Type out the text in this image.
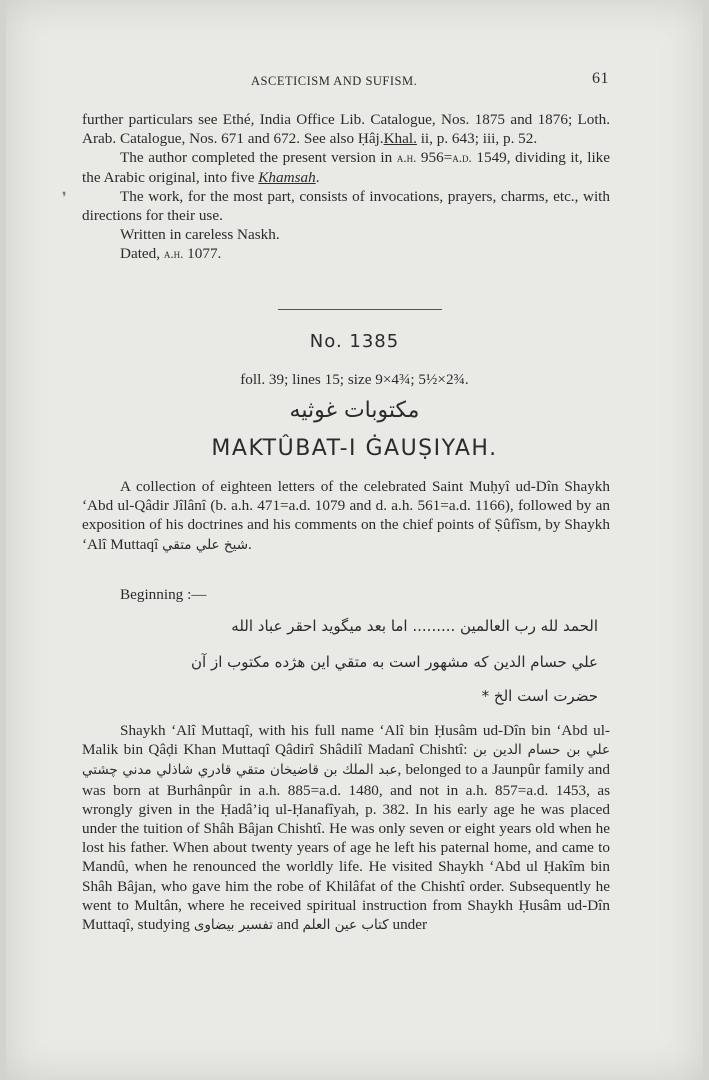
ASCETICISM AND SUFISM.	61

further particulars see Ethé, India Office Lib. Catalogue, Nos. 1875 and 1876; Loth. Arab. Catalogue, Nos. 671 and 672. See also Ḥâj.Khal. ii, p. 643; iii, p. 52.

The author completed the present version in a.h. 956=a.d. 1549, dividing it, like the Arabic original, into five Khamsah.

The work, for the most part, consists of invocations, prayers, charms, etc., with directions for their use.

Written in careless Naskh.

Dated, a.h. 1077.

❜
No. 1385
foll. 39; lines 15; size 9×4¾; 5½×2¾.
مكتوبات غوثيه
MAKTÛBAT-I ĠAUṢIYAH.

A collection of eighteen letters of the celebrated Saint Muḥyî ud-Dîn Shaykh ‘Abd ul-Qâdir Jîlânî (b. a.h. 471=a.d. 1079 and d. a.h. 561=a.d. 1166), followed by an exposition of his doctrines and his comments on the chief points of Ṣûfîsm, by Shaykh ‘Alî Muttaqî شيخ علي متقي.

Beginning :—

الحمد لله رب العالمين ......... اما بعد ميگويد احقر عباد الله
علي حسام الدين كه مشهور است به متقي اين هژده مكتوب از آن
حضرت است الخ *

Shaykh ‘Alî Muttaqî, with his full name ‘Alî bin Ḥusâm ud-Dîn bin ‘Abd ul-Malik bin Qâḍi Khan Muttaqî Qâdirî Shâdilî Madanî Chishtî: علي بن حسام الدين بن عبد الملك بن قاضيخان متقي قادري شاذلي مدني چشتي, belonged to a Jaunpûr family and was born at Burhânpûr in a.h. 885=a.d. 1480, and not in a.h. 857=a.d. 1453, as wrongly given in the Ḥadâ’iq ul-Ḥanafîyah, p. 382. In his early age he was placed under the tuition of Shâh Bâjan Chishtî. He was only seven or eight years old when he lost his father. When about twenty years of age he left his paternal home, and came to Mandû, when he renounced the worldly life. He visited Shaykh ‘Abd ul Ḥakîm bin Shâh Bâjan, who gave him the robe of Khilâfat of the Chishtî order. Subsequently he went to Multân, where he received spiritual instruction from Shaykh Ḥusâm ud-Dîn Muttaqî, studying تفسير بيضاوى and كتاب عين العلم under
